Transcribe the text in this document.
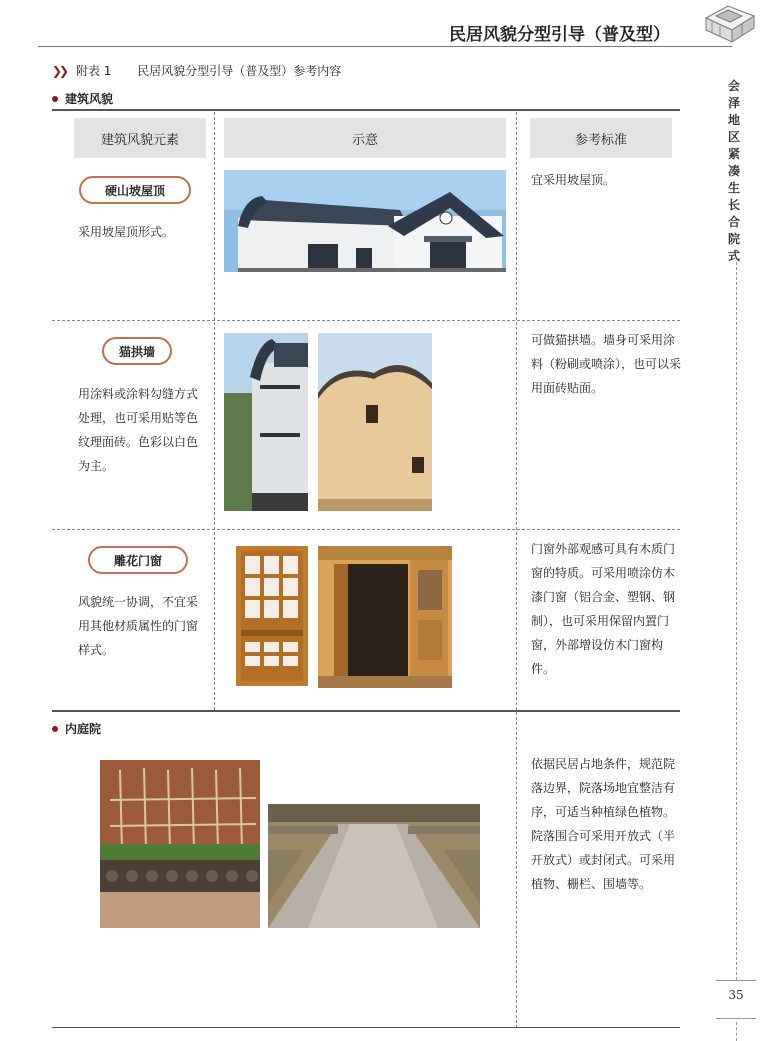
民居风貌分型引导（普及型）
❯❯ 附表 1 民居风貌分型引导（普及型）参考内容
建筑风貌
建筑风貌元素	示意	参考标准
硬山坡屋顶
采用坡屋顶形式。
宜采用坡屋顶。
猫拱墙
用涂料或涂料勾缝方式处理，也可采用贴等色纹理面砖。色彩以白色为主。
可做猫拱墙。墙身可采用涂料（粉刷或喷涂），也可以采用面砖贴面。
雕花门窗
风貌统一协调，不宜采用其他材质属性的门窗样式。
门窗外部观感可具有木质门窗的特质。可采用喷涂仿木漆门窗（铝合金、塑钢、钢制），也可采用保留内置门窗，外部增设仿木门窗构件。
内庭院
依据民居占地条件，规范院落边界，院落场地宜整洁有序，可适当种植绿色植物。院落围合可采用开放式（半开放式）或封闭式。可采用植物、栅栏、围墙等。
会泽地区紧凑生长合院式
35
